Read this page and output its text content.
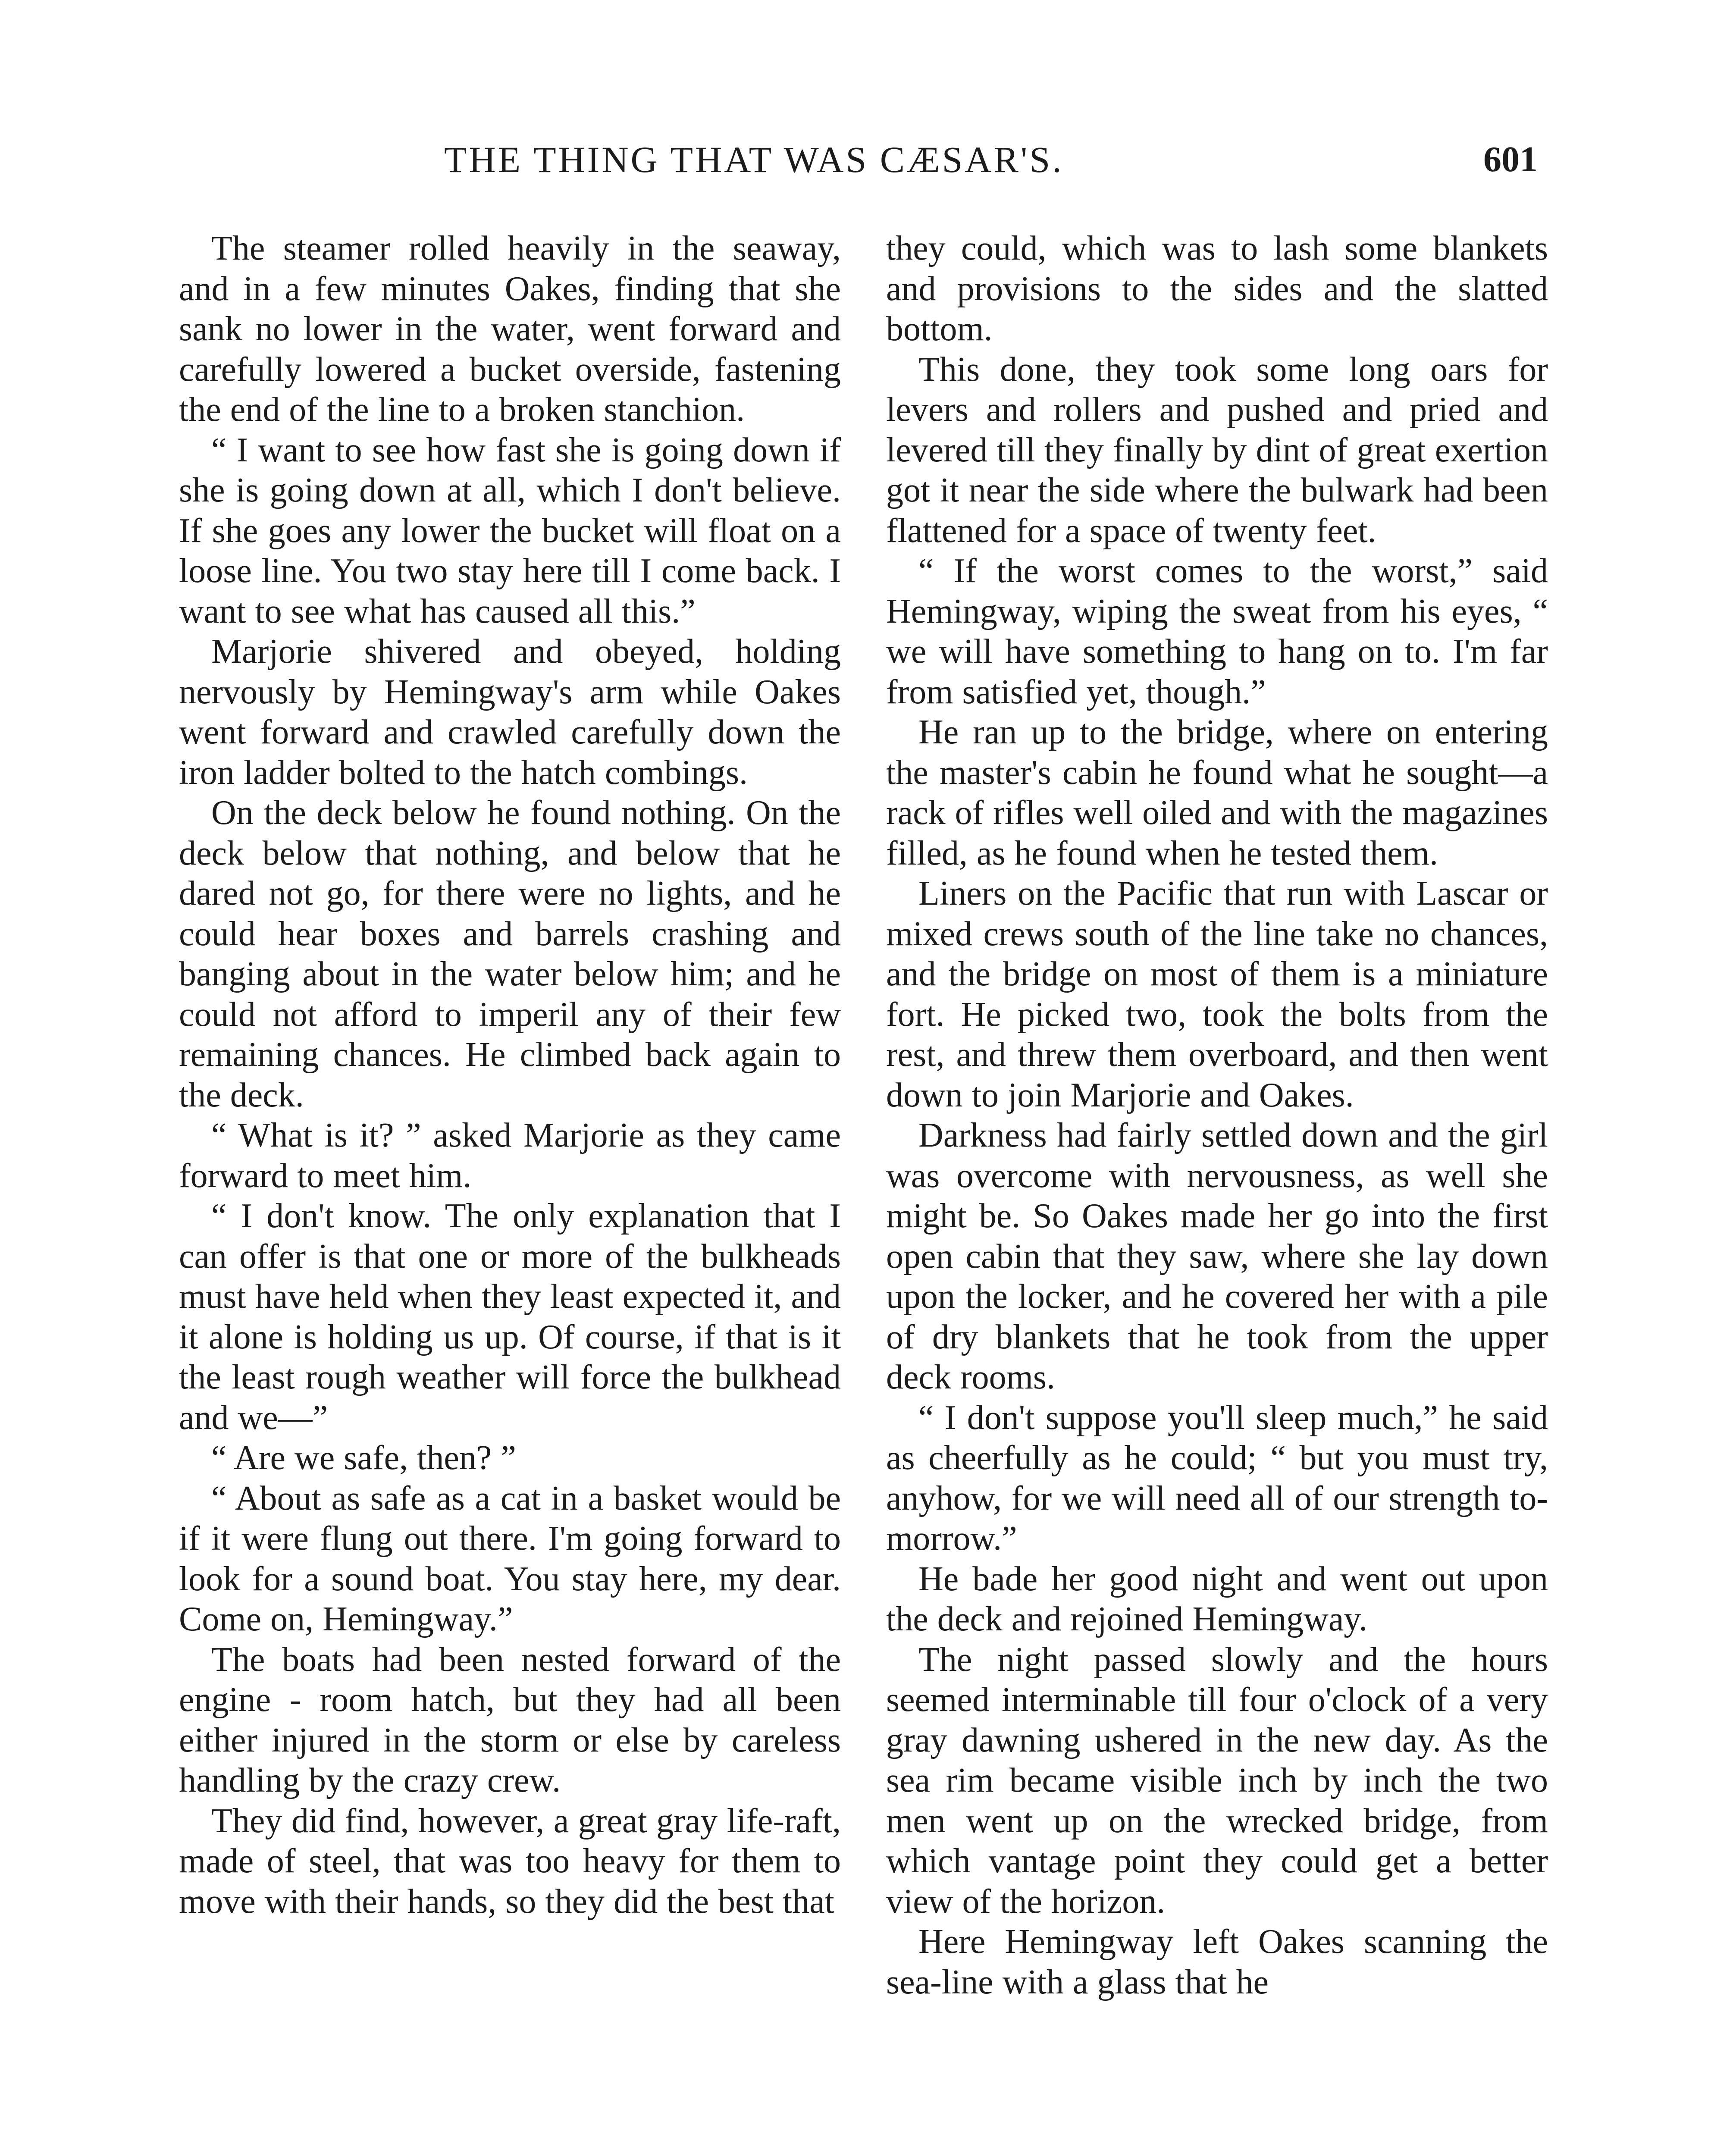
THE THING THAT WAS CÆSAR'S.	601

The steamer rolled heavily in the seaway, and in a few minutes Oakes, finding that she sank no lower in the water, went forward and carefully lowered a bucket overside, fastening the end of the line to a broken stanchion.

“ I want to see how fast she is going down if she is going down at all, which I don't believe. If she goes any lower the bucket will float on a loose line. You two stay here till I come back. I want to see what has caused all this.”

Marjorie shivered and obeyed, holding nervously by Hemingway's arm while Oakes went forward and crawled carefully down the iron ladder bolted to the hatch combings.

On the deck below he found nothing. On the deck below that nothing, and below that he dared not go, for there were no lights, and he could hear boxes and barrels crashing and banging about in the water below him; and he could not afford to imperil any of their few remaining chances. He climbed back again to the deck.

“ What is it? ” asked Marjorie as they came forward to meet him.

“ I don't know. The only explanation that I can offer is that one or more of the bulkheads must have held when they least expected it, and it alone is holding us up. Of course, if that is it the least rough weather will force the bulkhead and we—”

“ Are we safe, then? ”

“ About as safe as a cat in a basket would be if it were flung out there. I'm going forward to look for a sound boat. You stay here, my dear. Come on, Hemingway.”

The boats had been nested forward of the engine - room hatch, but they had all been either injured in the storm or else by careless handling by the crazy crew.

They did find, however, a great gray life-raft, made of steel, that was too heavy for them to move with their hands, so they did the best that

they could, which was to lash some blankets and provisions to the sides and the slatted bottom.

This done, they took some long oars for levers and rollers and pushed and pried and levered till they finally by dint of great exertion got it near the side where the bulwark had been flattened for a space of twenty feet.

“ If the worst comes to the worst,” said Hemingway, wiping the sweat from his eyes, “ we will have something to hang on to. I'm far from satisfied yet, though.”

He ran up to the bridge, where on entering the master's cabin he found what he sought—a rack of rifles well oiled and with the magazines filled, as he found when he tested them.

Liners on the Pacific that run with Lascar or mixed crews south of the line take no chances, and the bridge on most of them is a miniature fort. He picked two, took the bolts from the rest, and threw them overboard, and then went down to join Marjorie and Oakes.

Darkness had fairly settled down and the girl was overcome with nervousness, as well she might be. So Oakes made her go into the first open cabin that they saw, where she lay down upon the locker, and he covered her with a pile of dry blankets that he took from the upper deck rooms.

“ I don't suppose you'll sleep much,” he said as cheerfully as he could; “ but you must try, anyhow, for we will need all of our strength to-morrow.”

He bade her good night and went out upon the deck and rejoined Hemingway.

The night passed slowly and the hours seemed interminable till four o'clock of a very gray dawning ushered in the new day. As the sea rim became visible inch by inch the two men went up on the wrecked bridge, from which vantage point they could get a better view of the horizon.

Here Hemingway left Oakes scanning the sea-line with a glass that he
